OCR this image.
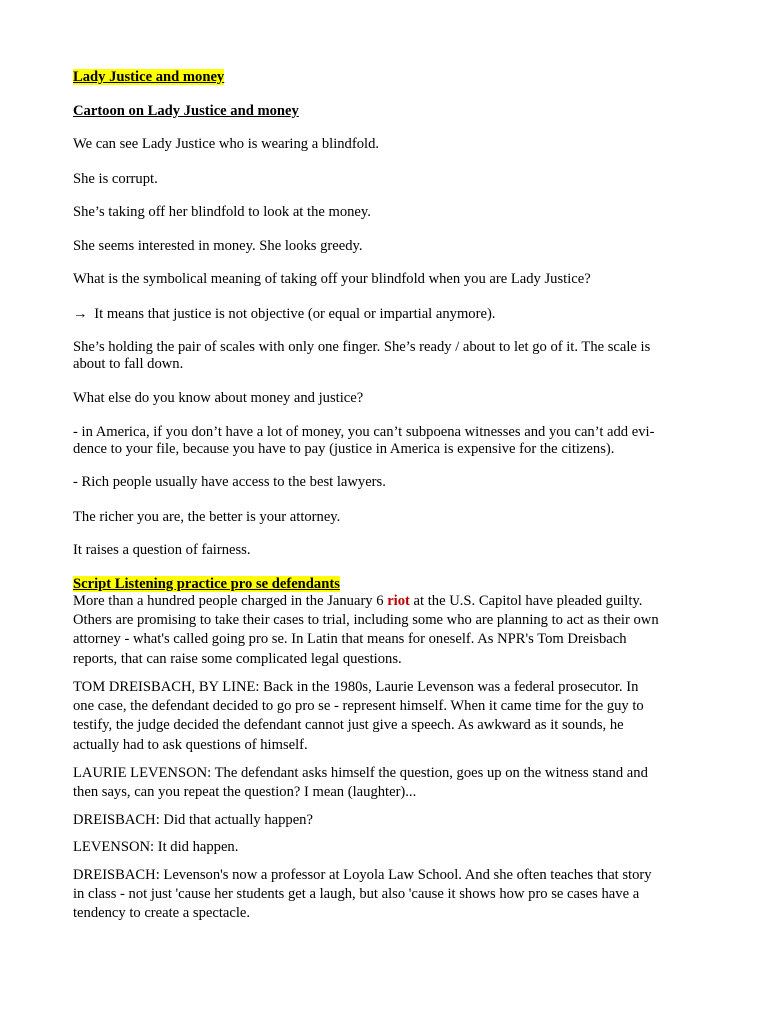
Lady Justice and money
Cartoon on Lady Justice and money
We can see Lady Justice who is wearing a blindfold.
She is corrupt.
She’s taking off her blindfold to look at the money.
She seems interested in money. She looks greedy.
What is the symbolical meaning of taking off your blindfold when you are Lady Justice?
→ It means that justice is not objective (or equal or impartial anymore).
She’s holding the pair of scales with only one finger. She’s ready / about to let go of it. The scale is
about to fall down.
What else do you know about money and justice?
- in America, if you don’t have a lot of money, you can’t subpoena witnesses and you can’t add evi-
dence to your file, because you have to pay (justice in America is expensive for the citizens).
- Rich people usually have access to the best lawyers.
The richer you are, the better is your attorney.
It raises a question of fairness.
Script Listening practice pro se defendants
More than a hundred people charged in the January 6 riot at the U.S. Capitol have pleaded guilty.
Others are promising to take their cases to trial, including some who are planning to act as their own
attorney - what's called going pro se. In Latin that means for oneself. As NPR's Tom Dreisbach
reports, that can raise some complicated legal questions.
TOM DREISBACH, BY LINE: Back in the 1980s, Laurie Levenson was a federal prosecutor. In
one case, the defendant decided to go pro se - represent himself. When it came time for the guy to
testify, the judge decided the defendant cannot just give a speech. As awkward as it sounds, he
actually had to ask questions of himself.
LAURIE LEVENSON: The defendant asks himself the question, goes up on the witness stand and
then says, can you repeat the question? I mean (laughter)...
DREISBACH: Did that actually happen?
LEVENSON: It did happen.
DREISBACH: Levenson's now a professor at Loyola Law School. And she often teaches that story
in class - not just 'cause her students get a laugh, but also 'cause it shows how pro se cases have a
tendency to create a spectacle.
